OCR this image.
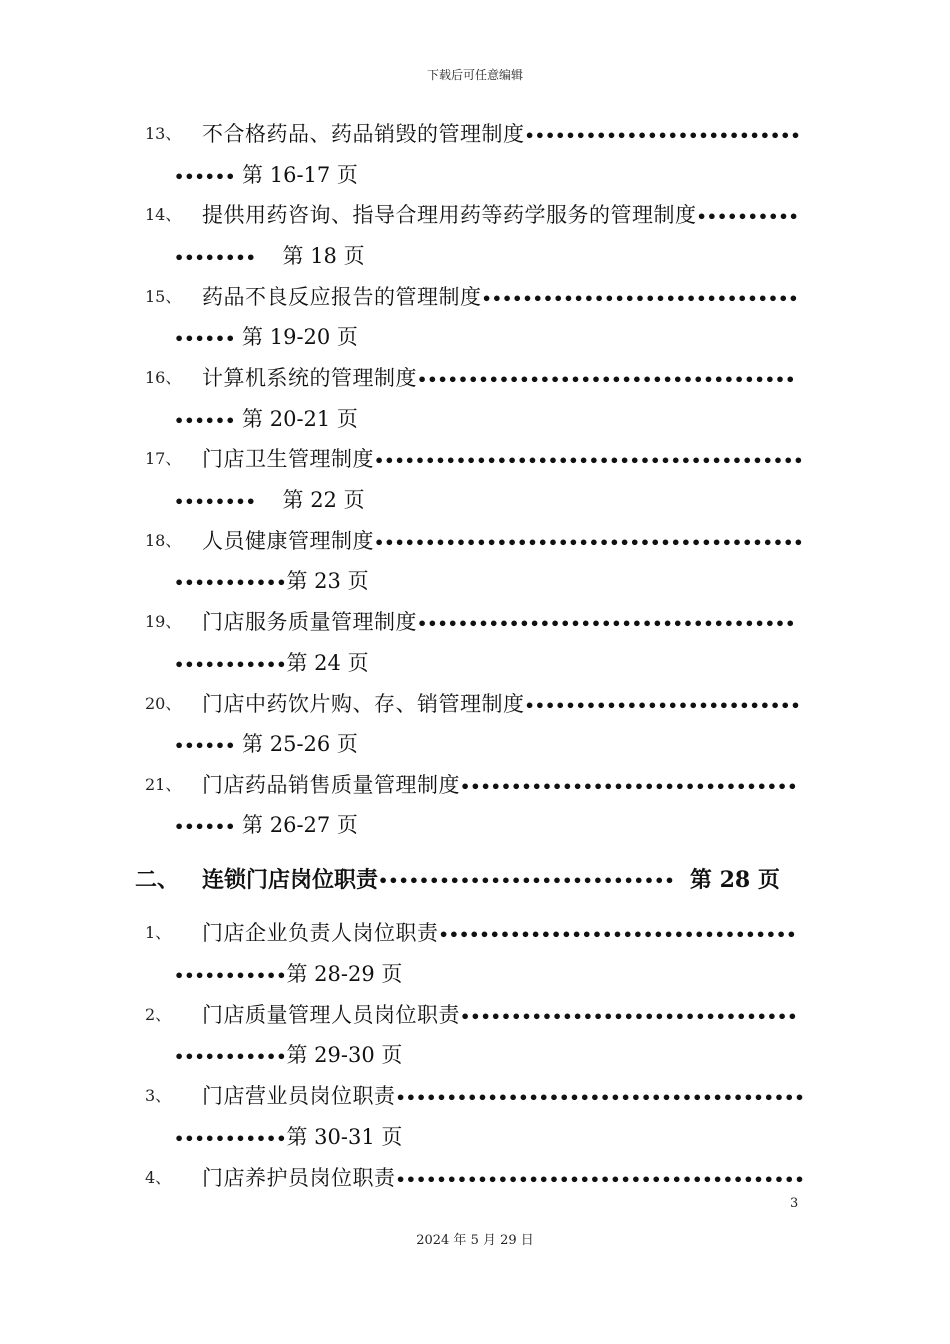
下载后可任意编辑
13、 不合格药品、药品销毁的管理制度•••••••••••••••••••••••••••
•••••• 第 16-17 页
14、 提供用药咨询、指导合理用药等药学服务的管理制度••••••••••
•••••••• 第 18 页
15、 药品不良反应报告的管理制度•••••••••••••••••••••••••••••••
•••••• 第 19-20 页
16、 计算机系统的管理制度•••••••••••••••••••••••••••••••••••••
•••••• 第 20-21 页
17、 门店卫生管理制度••••••••••••••••••••••••••••••••••••••••••
•••••••• 第 22 页
18、 人员健康管理制度••••••••••••••••••••••••••••••••••••••••••
•••••••••••第 23 页
19、 门店服务质量管理制度•••••••••••••••••••••••••••••••••••••
•••••••••••第 24 页
20、 门店中药饮片购、存、销管理制度•••••••••••••••••••••••••••
•••••• 第 25-26 页
21、 门店药品销售质量管理制度•••••••••••••••••••••••••••••••••
•••••• 第 26-27 页
二、 连锁门店岗位职责••••••••••••••••••••••••••••• 第 28 页
1、 门店企业负责人岗位职责•••••••••••••••••••••••••••••••••••
•••••••••••第 28-29 页
2、 门店质量管理人员岗位职责•••••••••••••••••••••••••••••••••
•••••••••••第 29-30 页
3、 门店营业员岗位职责••••••••••••••••••••••••••••••••••••••••
•••••••••••第 30-31 页
4、 门店养护员岗位职责••••••••••••••••••••••••••••••••••••••••
3
2024 年 5 月 29 日
